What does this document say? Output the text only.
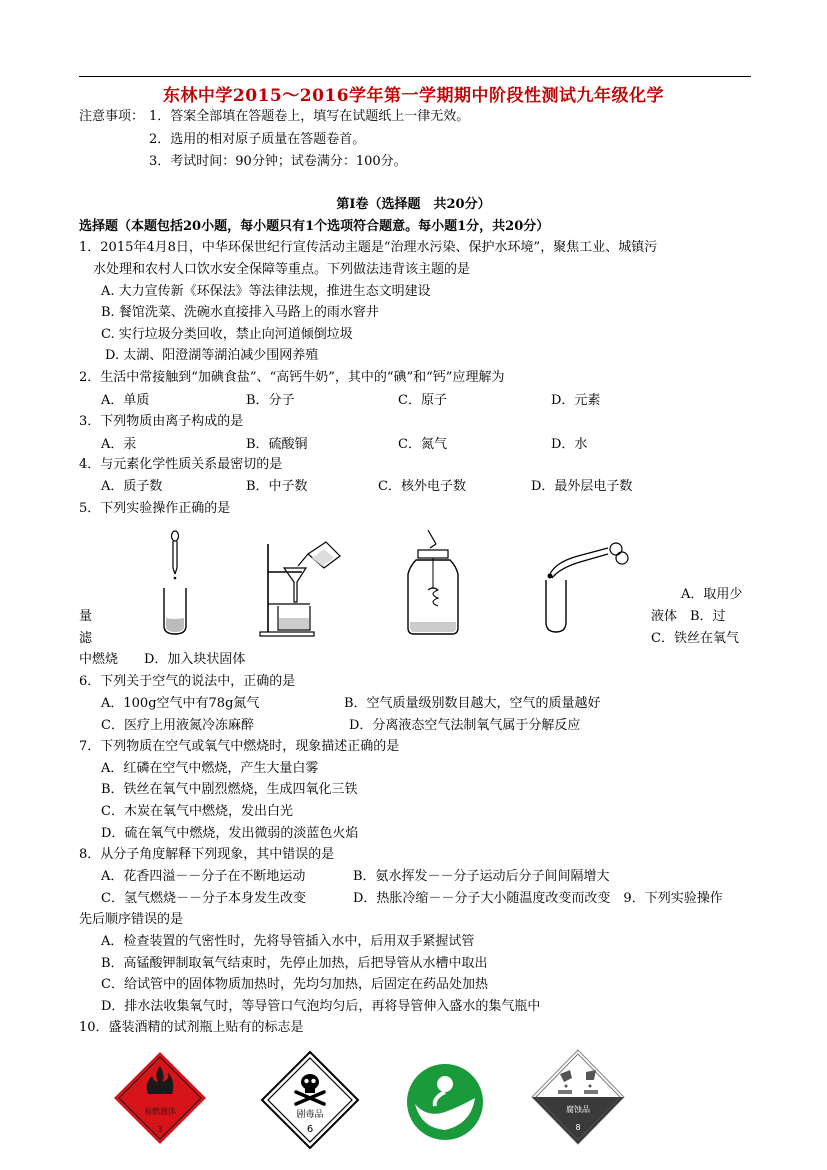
东林中学2015～2016学年第一学期期中阶段性测试九年级化学
注意事项： 1．答案全部填在答题卷上，填写在试题纸上一律无效。
2．选用的相对原子质量在答题卷首。
3．考试时间：90分钟；试卷满分：100分。
第Ⅰ卷（选择题　共20分）
选择题（本题包括20小题，每小题只有1个选项符合题意。每小题1分，共20分）
1．2015年4月8日，中华环保世纪行宣传活动主题是“治理水污染、保护水环境”，聚焦工业、城镇污
水处理和农村人口饮水安全保障等重点。下列做法违背该主题的是
A. 大力宣传新《环保法》等法律法规，推进生态文明建设
B. 餐馆洗菜、洗碗水直接排入马路上的雨水窨井
C. 实行垃圾分类回收，禁止向河道倾倒垃圾
D. 太湖、阳澄湖等湖泊减少围网养殖
2．生活中常接触到“加碘食盐”、“高钙牛奶”，其中的“碘”和“钙”应理解为
A．单质	B．分子	C．原子	D．元素
3．下列物质由离子构成的是
A．汞	B．硫酸铜	C．氮气	D．水
4．与元素化学性质关系最密切的是
A．质子数	B．中子数	C．核外电子数	D．最外层电子数
5．下列实验操作正确的是
A．取用少
量	液体　B．过
滤	C．铁丝在氧气
中燃烧　　D．加入块状固体
6．下列关于空气的说法中，正确的是
A．100g空气中有78g氮气	B．空气质量级别数目越大，空气的质量越好
C．医疗上用液氮冷冻麻醉	D．分离液态空气法制氧气属于分解反应
7．下列物质在空气或氧气中燃烧时，现象描述正确的是
A．红磷在空气中燃烧，产生大量白雾
B．铁丝在氧气中剧烈燃烧，生成四氧化三铁
C．木炭在氧气中燃烧，发出白光
D．硫在氧气中燃烧，发出微弱的淡蓝色火焰
8．从分子角度解释下列现象，其中错误的是
A．花香四溢－－分子在不断地运动	B．氨水挥发－－分子运动后分子间间隔增大
C．氢气燃烧－－分子本身发生改变	D．热胀冷缩－－分子大小随温度改变而改变　9．下列实验操作
先后顺序错误的是
A．检查装置的气密性时，先将导管插入水中，后用双手紧握试管
B．高锰酸钾制取氧气结束时，先停止加热，后把导管从水槽中取出
C．给试管中的固体物质加热时，先均匀加热，后固定在药品处加热
D．排水法收集氧气时，等导管口气泡均匀后，再将导管伸入盛水的集气瓶中
10．盛装酒精的试剂瓶上贴有的标志是
易燃液体
3
剧毒品
6
腐蚀品
8
